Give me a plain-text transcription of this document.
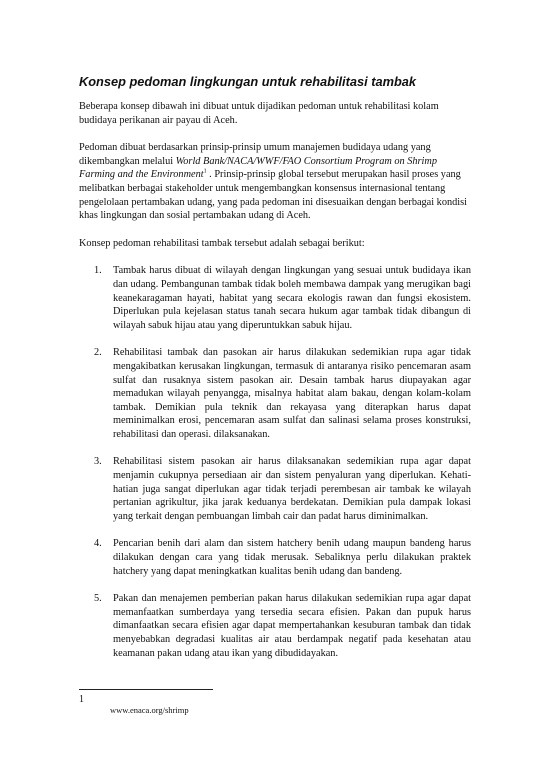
Konsep pedoman lingkungan untuk rehabilitasi tambak

Beberapa konsep dibawah ini dibuat untuk dijadikan pedoman untuk rehabilitasi kolam budidaya perikanan air payau di Aceh.

Pedoman dibuat berdasarkan prinsip-prinsip umum manajemen budidaya udang yang dikembangkan melalui World Bank/NACA/WWF/FAO Consortium Program on Shrimp Farming and the Environment$^1$ . Prinsip-prinsip global tersebut merupakan hasil proses yang melibatkan berbagai stakeholder untuk mengembangkan konsensus internasional tentang pengelolaan pertambakan udang, yang pada pedoman ini disesuaikan dengan berbagai kondisi khas lingkungan dan sosial pertambakan udang di Aceh.

Konsep pedoman rehabilitasi tambak tersebut adalah sebagai berikut:

1. Tambak harus dibuat di wilayah dengan lingkungan yang sesuai untuk budidaya ikan dan udang. Pembangunan tambak tidak boleh membawa dampak yang merugikan bagi keanekaragaman hayati, habitat yang secara ekologis rawan dan fungsi ekosistem. Diperlukan pula kejelasan status tanah secara hukum agar tambak tidak dibangun di wilayah sabuk hijau atau yang diperuntukkan sabuk hijau.
2. Rehabilitasi tambak dan pasokan air harus dilakukan sedemikian rupa agar tidak mengakibatkan kerusakan lingkungan, termasuk di antaranya risiko pencemaran asam sulfat dan rusaknya sistem pasokan air. Desain tambak harus diupayakan agar memadukan wilayah penyangga, misalnya habitat alam bakau, dengan kolam-kolam tambak. Demikian pula teknik dan rekayasa yang diterapkan harus dapat meminimalkan erosi, pencemaran asam sulfat dan salinasi selama proses konstruksi, rehabilitasi dan operasi. dilaksanakan.
3. Rehabilitasi sistem pasokan air harus dilaksanakan sedemikian rupa agar dapat menjamin cukupnya persediaan air dan sistem penyaluran yang diperlukan. Kehati-hatian juga sangat diperlukan agar tidak terjadi perembesan air tambak ke wilayah pertanian agrikultur, jika jarak keduanya berdekatan. Demikian pula dampak lokasi yang terkait dengan pembuangan limbah cair dan padat harus diminimalkan.
4. Pencarian benih dari alam dan sistem hatchery benih udang maupun bandeng harus dilakukan dengan cara yang tidak merusak. Sebaliknya perlu dilakukan praktek hatchery yang dapat meningkatkan kualitas benih udang dan bandeng.
5. Pakan dan menajemen pemberian pakan harus dilakukan sedemikian rupa agar dapat memanfaatkan sumberdaya yang tersedia secara efisien. Pakan dan pupuk harus dimanfaatkan secara efisien agar dapat mempertahankan kesuburan tambak dan tidak menyebabkan degradasi kualitas air atau berdampak negatif pada kesehatan atau keamanan pakan udang atau ikan yang dibudidayakan.
1
www.enaca.org/shrimp
